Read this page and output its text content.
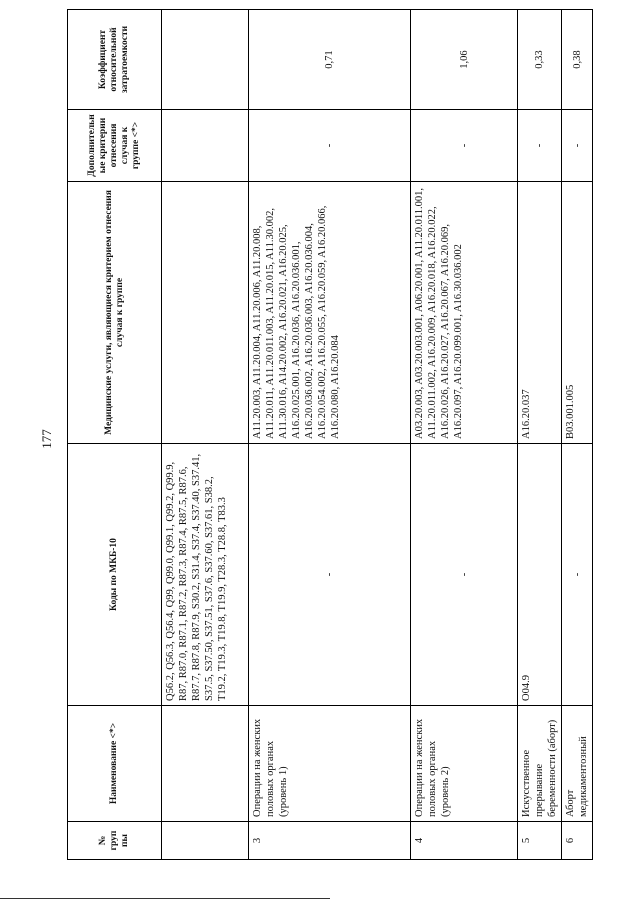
177
№ груп пы	Наименование <*>	Коды по МКБ-10	Медицинские услуги, являющиеся критерием отнесения случая к группе	Дополнительные критерии отнесения случая к группе <*>	Коэффициент относительной затратоемкости
		Q56.2, Q56.3, Q56.4, Q99, Q99.0, Q99.1, Q99.2, Q99.9, R87, R87.0, R87.1, R87.2, R87.3, R87.4, R87.5, R87.6, R87.7, R87.8, R87.9, S30.2, S31.4, S37.4, S37.40, S37.41, S37.5, S37.50, S37.51, S37.6, S37.60, S37.61, S38.2, T19.2, T19.3, T19.8, T19.9, T28.3, T28.8, T83.3			
3	Операции на женских половых органах (уровень 1)	-	A11.20.003, A11.20.004, A11.20.006, A11.20.008, A11.20.011, A11.20.011.003, A11.20.015, A11.30.002, A11.30.016, A14.20.002, A16.20.021, A16.20.025, A16.20.025.001, A16.20.036, A16.20.036.001, A16.20.036.002, A16.20.036.003, A16.20.036.004, A16.20.054.002, A16.20.055, A16.20.059, A16.20.066, A16.20.080, A16.20.084	-	0,71
4	Операции на женских половых органах (уровень 2)	-	A03.20.003, A03.20.003.001, A06.20.001, A11.20.011.001, A11.20.011.002, A16.20.009, A16.20.018, A16.20.022, A16.20.026, A16.20.027, A16.20.067, A16.20.069, A16.20.097, A16.20.099.001, A16.30.036.002	-	1,06
5	Искусственное прерывание беременности (аборт)	O04.9	A16.20.037	-	0,33
6	Аборт медикаментозный	-	B03.001.005	-	0,38
